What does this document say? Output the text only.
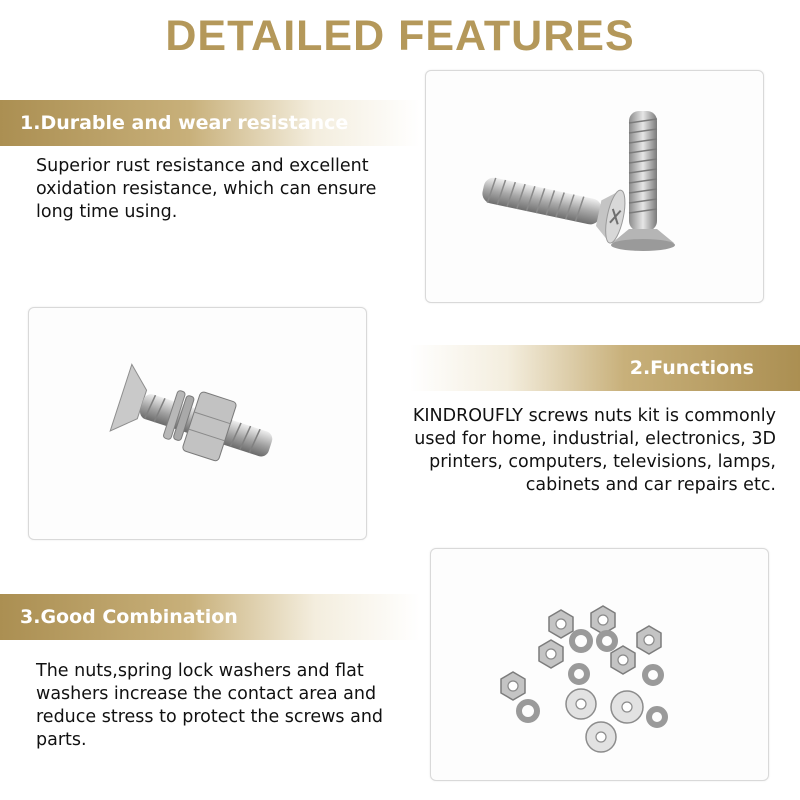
DETAILED FEATURES
1.Durable and wear resistance
Superior rust resistance and excellent
oxidation resistance, which can ensure
long time using.
2.Functions
KINDROUFLY screws nuts kit is commonly
used for home, industrial, electronics, 3D
printers, computers, televisions, lamps,
cabinets and car repairs etc.
3.Good Combination
The nuts,spring lock washers and flat
washers increase the contact area and
reduce stress to protect the screws and
parts.
